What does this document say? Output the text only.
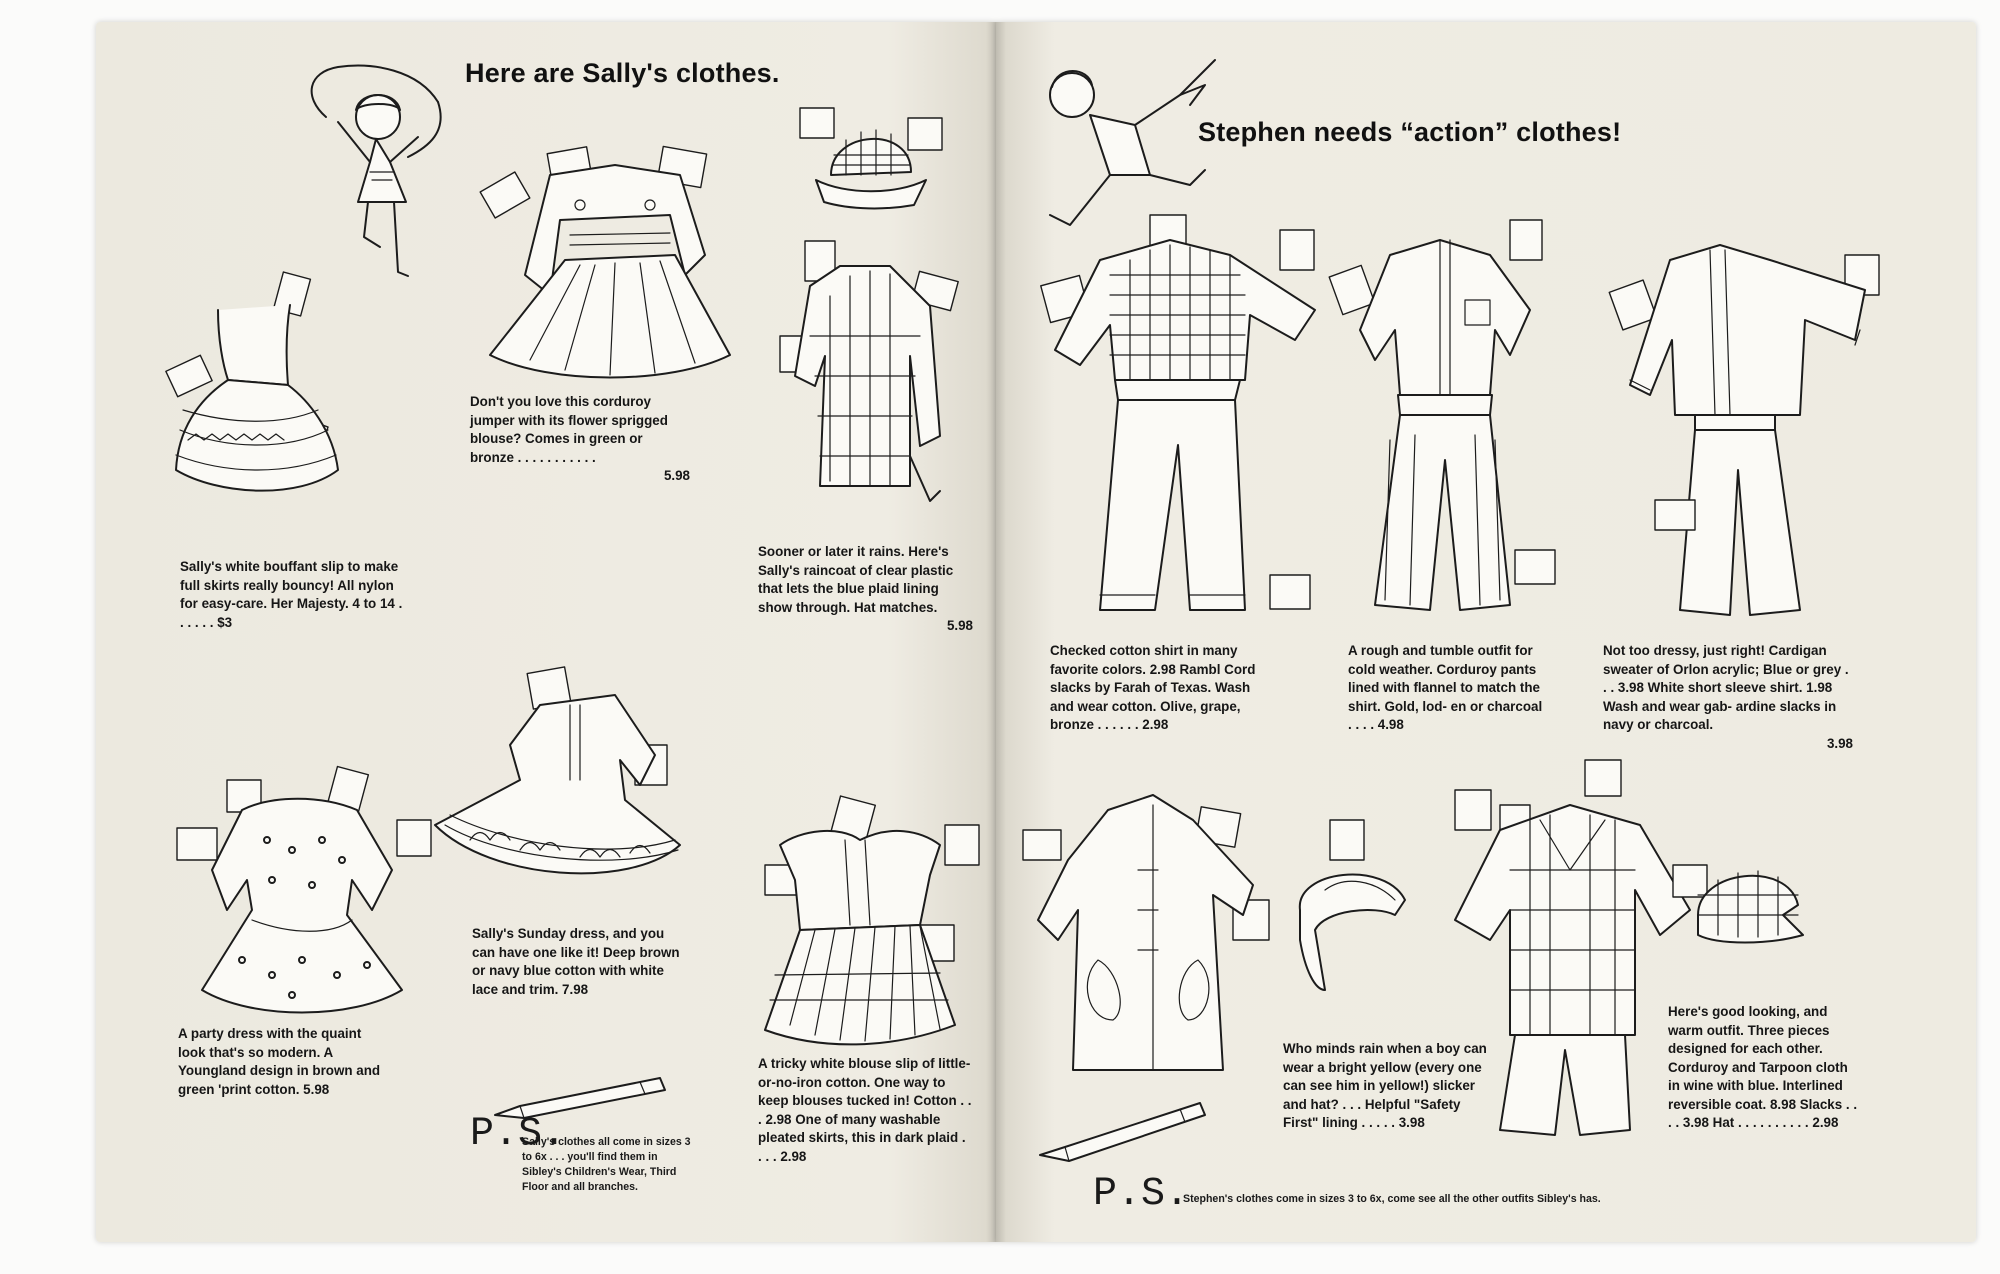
Here are Sally's clothes.
Don't you love this corduroy jumper with its flower sprigged blouse? Comes in green or bronze . . . . . . . . . . .
5.98
Sally's white bouffant slip to make full skirts really bouncy! All nylon for easy-care. Her Majesty. 4 to 14 . . . . . . $3
Sooner or later it rains. Here's Sally's raincoat of clear plastic that lets the blue plaid lining show through. Hat matches.
5.98
Sally's Sunday dress, and you can have one like it! Deep brown or navy blue cotton with white lace and trim. 7.98
A party dress with the quaint look that's so modern. A Youngland design in brown and green 'print cotton. 5.98
A tricky white blouse slip of little-or-no-iron cotton. One way to keep blouses tucked in! Cotton . . . 2.98 One of many washable pleated skirts, this in dark plaid . . . . 2.98
P.S.
Sally's clothes all come in sizes 3 to 6x . . . you'll find them in Sibley's Children's Wear, Third Floor and all branches.
Stephen needs “action” clothes!
Checked cotton shirt in many favorite colors. 2.98 Rambl Cord slacks by Farah of Texas. Wash and wear cotton. Olive, grape, bronze . . . . . . 2.98
A rough and tumble outfit for cold weather. Corduroy pants lined with flannel to match the shirt. Gold, lod- en or charcoal . . . . 4.98
Not too dressy, just right! Cardigan sweater of Orlon acrylic; Blue or grey . . . 3.98 White short sleeve shirt. 1.98 Wash and wear gab- ardine slacks in navy or charcoal.
3.98
Who minds rain when a boy can wear a bright yellow (every one can see him in yellow!) slicker and hat? . . . Helpful "Safety First" lining . . . . . 3.98
Here's good looking, and warm outfit. Three pieces designed for each other. Corduroy and Tarpoon cloth in wine with blue. Interlined reversible coat. 8.98 Slacks . . . . 3.98 Hat . . . . . . . . . . 2.98
P.S.
Stephen's clothes come in sizes 3 to 6x, come see all the other outfits Sibley's has.
